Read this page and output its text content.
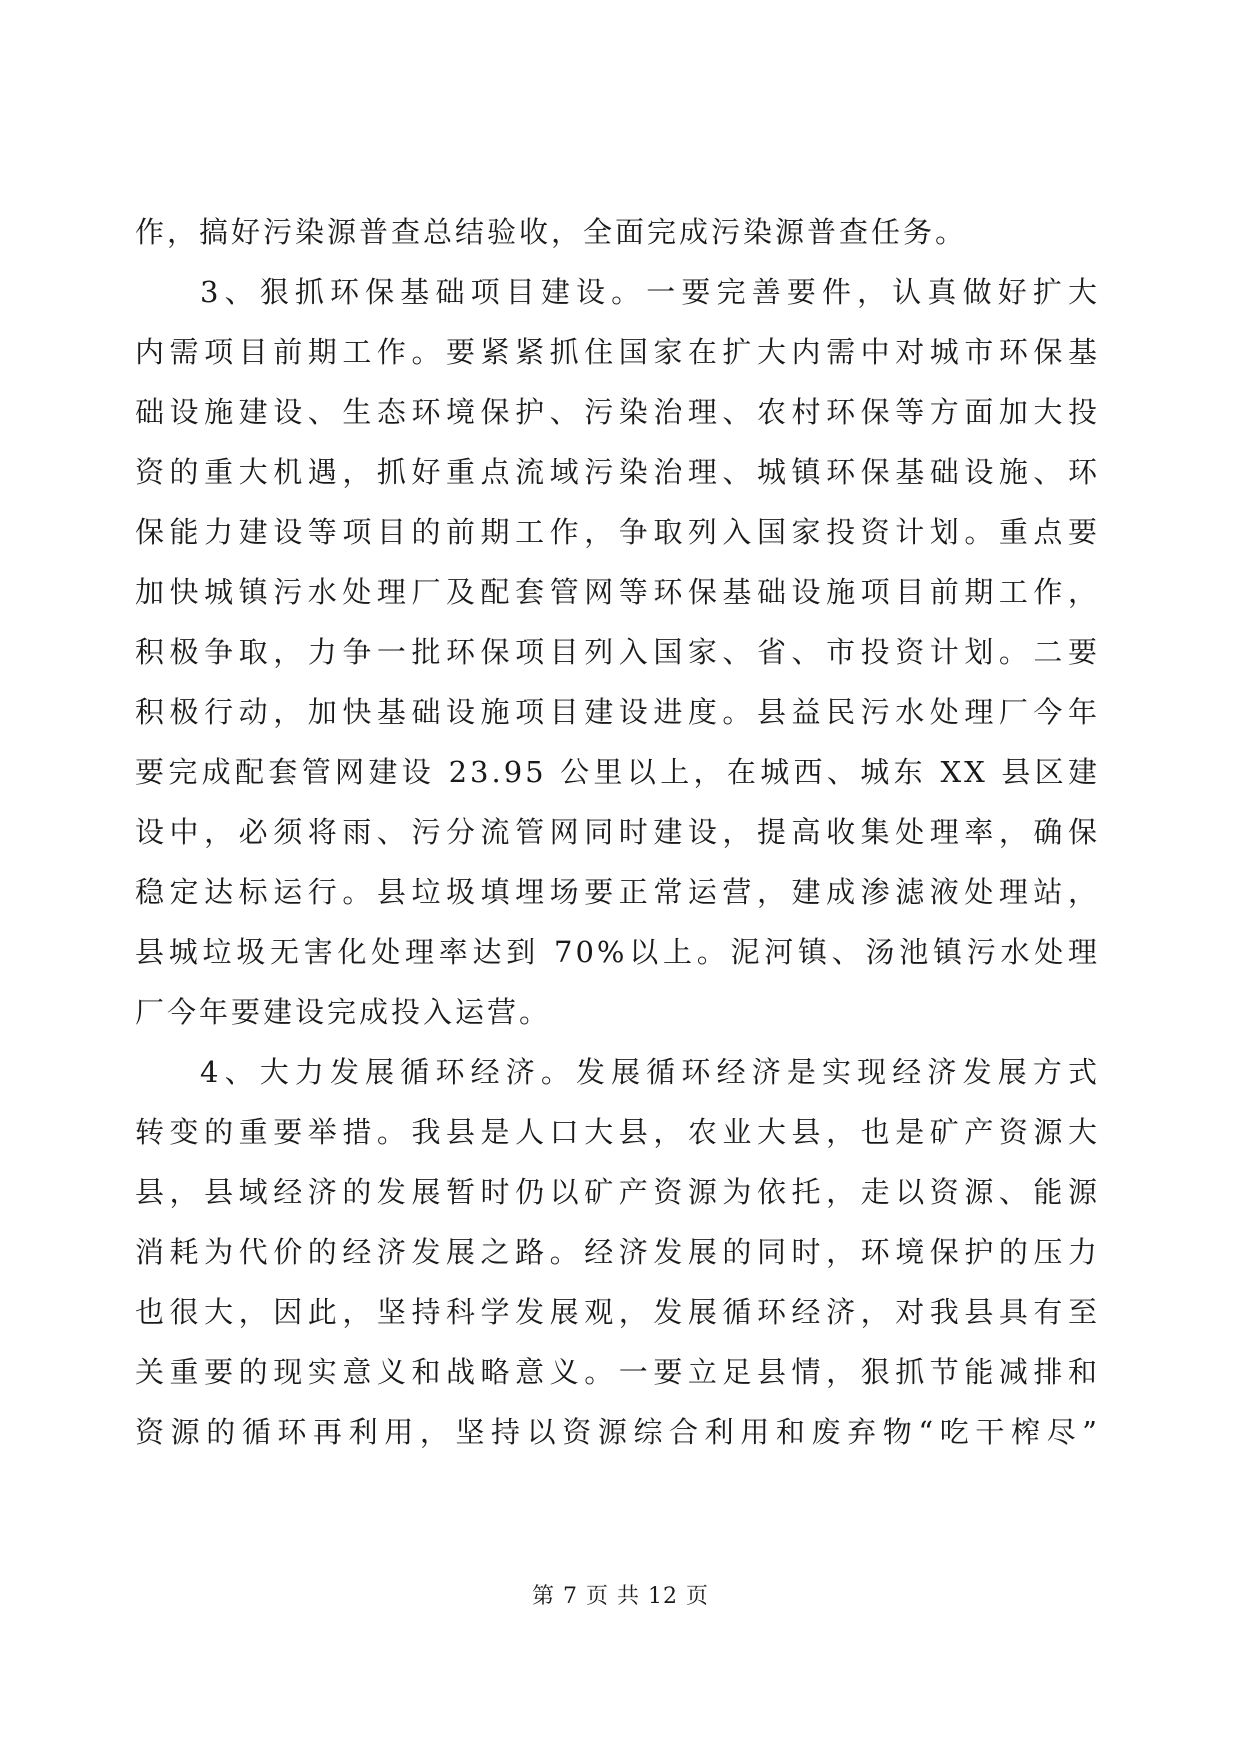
作，搞好污染源普查总结验收，全面完成污染源普查任务。
3、狠抓环保基础项目建设。一要完善要件，认真做好扩大
内需项目前期工作。要紧紧抓住国家在扩大内需中对城市环保基
础设施建设、生态环境保护、污染治理、农村环保等方面加大投
资的重大机遇，抓好重点流域污染治理、城镇环保基础设施、环
保能力建设等项目的前期工作，争取列入国家投资计划。重点要
加快城镇污水处理厂及配套管网等环保基础设施项目前期工作，
积极争取，力争一批环保项目列入国家、省、市投资计划。二要
积极行动，加快基础设施项目建设进度。县益民污水处理厂今年
要完成配套管网建设 23.95 公里以上，在城西、城东 XX 县区建
设中，必须将雨、污分流管网同时建设，提高收集处理率，确保
稳定达标运行。县垃圾填埋场要正常运营，建成渗滤液处理站，
县城垃圾无害化处理率达到 70%以上。泥河镇、汤池镇污水处理
厂今年要建设完成投入运营。
4、大力发展循环经济。发展循环经济是实现经济发展方式
转变的重要举措。我县是人口大县，农业大县，也是矿产资源大
县，县域经济的发展暂时仍以矿产资源为依托，走以资源、能源
消耗为代价的经济发展之路。经济发展的同时，环境保护的压力
也很大，因此，坚持科学发展观，发展循环经济，对我县具有至
关重要的现实意义和战略意义。一要立足县情，狠抓节能减排和
资源的循环再利用，坚持以资源综合利用和废弃物“吃干榨尽”
第 7 页 共 12 页
